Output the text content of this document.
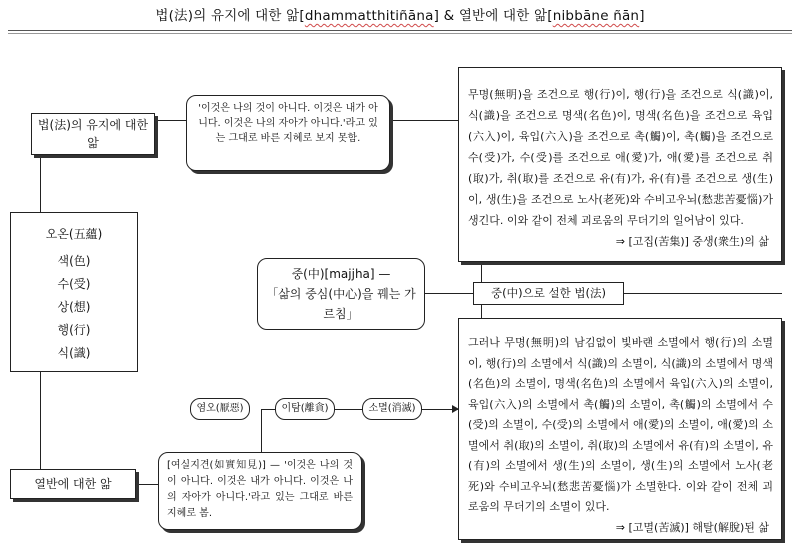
법(法)의 유지에 대한 앎[dhammatthitiñāna] & 열반에 대한 앎[nibbāne ñān]
법(法)의 유지에 대한 앎
'이것은 나의 것이 아니다. 이것은 내가 아니다. 이것은 나의 자아가 아니다.'라고 있는 그대로 바른 지혜로 보지 못함.
오온(五蘊)
색(色)
수(受)
상(想)
행(行)
식(識)
중(中)[majjha] —
「삶의 중심(中心)을 꿰는 가르침」
중(中)으로 설한 법(法)
무명(無明)을 조건으로 행(行)이, 행(行)을 조건으로 식(識)이, 식(識)을 조건으로 명색(名色)이, 명색(名色)을 조건으로 육입(六入)이, 육입(六入)을 조건으로 촉(觸)이, 촉(觸)을 조건으로 수(受)가, 수(受)를 조건으로 애(愛)가, 애(愛)를 조건으로 취(取)가, 취(取)를 조건으로 유(有)가, 유(有)를 조건으로 생(生)이, 생(生)을 조건으로 노사(老死)와 수비고우뇌(愁悲苦憂惱)가 생긴다. 이와 같이 전체 괴로움의 무더기의 일어남이 있다.
⇒ [고집(苦集)] 중생(衆生)의 삶
염오(厭惡)	이탐(離貪)	소멸(消滅)
열반에 대한 앎
[여실지견(如實知見)] — '이것은 나의 것이 아니다. 이것은 내가 아니다. 이것은 나의 자아가 아니다.'라고 있는 그대로 바른 지혜로 봄.
그러나 무명(無明)의 남김없이 빛바랜 소멸에서 행(行)의 소멸이, 행(行)의 소멸에서 식(識)의 소멸이, 식(識)의 소멸에서 명색(名色)의 소멸이, 명색(名色)의 소멸에서 육입(六入)의 소멸이, 육입(六入)의 소멸에서 촉(觸)의 소멸이, 촉(觸)의 소멸에서 수(受)의 소멸이, 수(受)의 소멸에서 애(愛)의 소멸이, 애(愛)의 소멸에서 취(取)의 소멸이, 취(取)의 소멸에서 유(有)의 소멸이, 유(有)의 소멸에서 생(生)의 소멸이, 생(生)의 소멸에서 노사(老死)와 수비고우뇌(愁悲苦憂惱)가 소멸한다. 이와 같이 전체 괴로움의 무더기의 소멸이 있다.
⇒ [고멸(苦滅)] 해탈(解脫)된 삶
